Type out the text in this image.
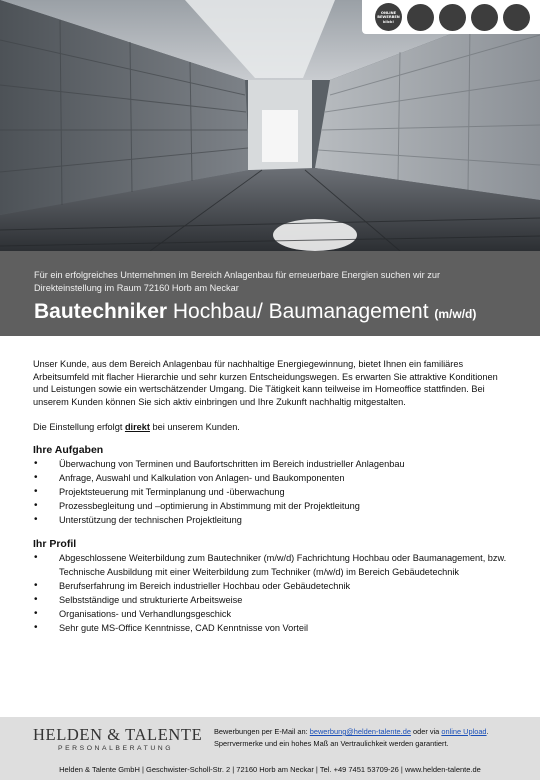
ONLINE
BEWERBEN
klick!
Für ein erfolgreiches Unternehmen im Bereich Anlagenbau für erneuerbare Energien suchen wir zur Direkteinstellung im Raum 72160 Horb am Neckar
Bautechniker Hochbau/ Baumanagement (m/w/d)

Unser Kunde, aus dem Bereich Anlagenbau für nachhaltige Energiegewinnung, bietet Ihnen ein familiäres Arbeitsumfeld mit flacher Hierarchie und sehr kurzen Entscheidungswegen. Es erwarten Sie attraktive Konditionen und Leistungen sowie ein wertschätzender Umgang. Die Tätigkeit kann teilweise im Homeoffice stattfinden. Bei unserem Kunden können Sie sich aktiv einbringen und Ihre Zukunft nachhaltig mitgestalten.

Die Einstellung erfolgt direkt bei unserem Kunden.

Ihre Aufgaben
• Überwachung von Terminen und Baufortschritten im Bereich industrieller Anlagenbau
• Anfrage, Auswahl und Kalkulation von Anlagen- und Baukomponenten
• Projektsteuerung mit Terminplanung und -überwachung
• Prozessbegleitung und –optimierung in Abstimmung mit der Projektleitung
• Unterstützung der technischen Projektleitung
Ihr Profil
• Abgeschlossene Weiterbildung zum Bautechniker (m/w/d) Fachrichtung Hochbau oder Baumanagement, bzw. Technische Ausbildung mit einer Weiterbildung zum Techniker (m/w/d) im Bereich Gebäudetechnik
• Berufserfahrung im Bereich industrieller Hochbau oder Gebäudetechnik
• Selbstständige und strukturierte Arbeitsweise
• Organisations- und Verhandlungsgeschick
• Sehr gute MS-Office Kenntnisse, CAD Kenntnisse von Vorteil
HELDEN & TALENTE
PERSONALBERATUNG
Bewerbungen per E-Mail an: bewerbung@helden-talente.de oder via online Upload.
Sperrvermerke und ein hohes Maß an Vertraulichkeit werden garantiert.
Helden & Talente GmbH | Geschwister-Scholl-Str. 2 | 72160 Horb am Neckar | Tel. +49 7451 53709-26 | www.helden-talente.de
